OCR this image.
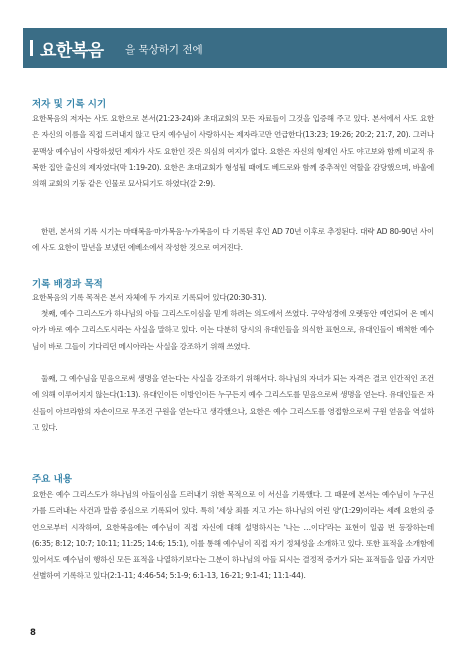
요한복음 을 묵상하기 전에
저자 및 기록 시기

요한복음의 저자는 사도 요한으로 본서(21:23-24)와 초대교회의 모든 자료들이 그것을 입증해 주고 있다. 본서에서 사도 요한은 자신의 이름을 직접 드러내지 않고 단지 예수님이 사랑하시는 제자라고만 언급한다(13:23; 19:26; 20:2; 21:7, 20). 그러나 문맥상 예수님이 사랑하셨던 제자가 사도 요한인 것은 의심의 여지가 없다. 요한은 자신의 형제인 사도 야고보와 함께 비교적 유복한 집안 출신의 제자였다(막 1:19-20). 요한은 초대교회가 형성될 때에도 베드로와 함께 중추적인 역할을 감당했으며, 바울에 의해 교회의 기둥 같은 인물로 묘사되기도 하였다(갈 2:9).

한편, 본서의 기록 시기는 마태복음·마가복음·누가복음이 다 기록된 후인 AD 70년 이후로 추정된다. 대략 AD 80-90년 사이에 사도 요한이 말년을 보냈던 에베소에서 작성한 것으로 여겨진다.

기록 배경과 목적

요한복음의 기록 목적은 본서 자체에 두 가지로 기록되어 있다(20:30-31).

첫째, 예수 그리스도가 하나님의 아들 그리스도이심을 믿게 하려는 의도에서 쓰였다. 구약성경에 오랫동안 예언되어 온 메시아가 바로 예수 그리스도시라는 사실을 말하고 있다. 이는 다분히 당시의 유대인들을 의식한 표현으로, 유대인들이 배척한 예수님이 바로 그들이 기다리던 메시아라는 사실을 강조하기 위해 쓰였다.

둘째, 그 예수님을 믿음으로써 생명을 얻는다는 사실을 강조하기 위해서다. 하나님의 자녀가 되는 자격은 결코 인간적인 조건에 의해 이루어지지 않는다(1:13). 유대인이든 이방인이든 누구든지 예수 그리스도를 믿음으로써 생명을 얻는다. 유대인들은 자신들이 아브라함의 자손이므로 무조건 구원을 얻는다고 생각했으나, 요한은 예수 그리스도를 영접함으로써 구원 얻음을 역설하고 있다.

주요 내용

요한은 예수 그리스도가 하나님의 아들이심을 드러내기 위한 목적으로 이 서신을 기록했다. 그 때문에 본서는 예수님이 누구신가를 드러내는 사건과 말씀 중심으로 기록되어 있다. 특히 '세상 죄를 지고 가는 하나님의 어린 양'(1:29)이라는 세례 요한의 증언으로부터 시작하여, 요한복음에는 예수님이 직접 자신에 대해 설명하시는 '나는 …이다'라는 표현이 일곱 번 등장하는데(6:35; 8:12; 10:7; 10:11; 11:25; 14:6; 15:1), 이를 통해 예수님이 직접 자기 정체성을 소개하고 있다. 또한 표적을 소개함에 있어서도 예수님이 행하신 모든 표적을 나열하기보다는 그분이 하나님의 아들 되시는 결정적 증거가 되는 표적들을 일곱 가지만 선별하여 기록하고 있다(2:1-11; 4:46-54; 5:1-9; 6:1-13, 16-21; 9:1-41; 11:1-44).

8
